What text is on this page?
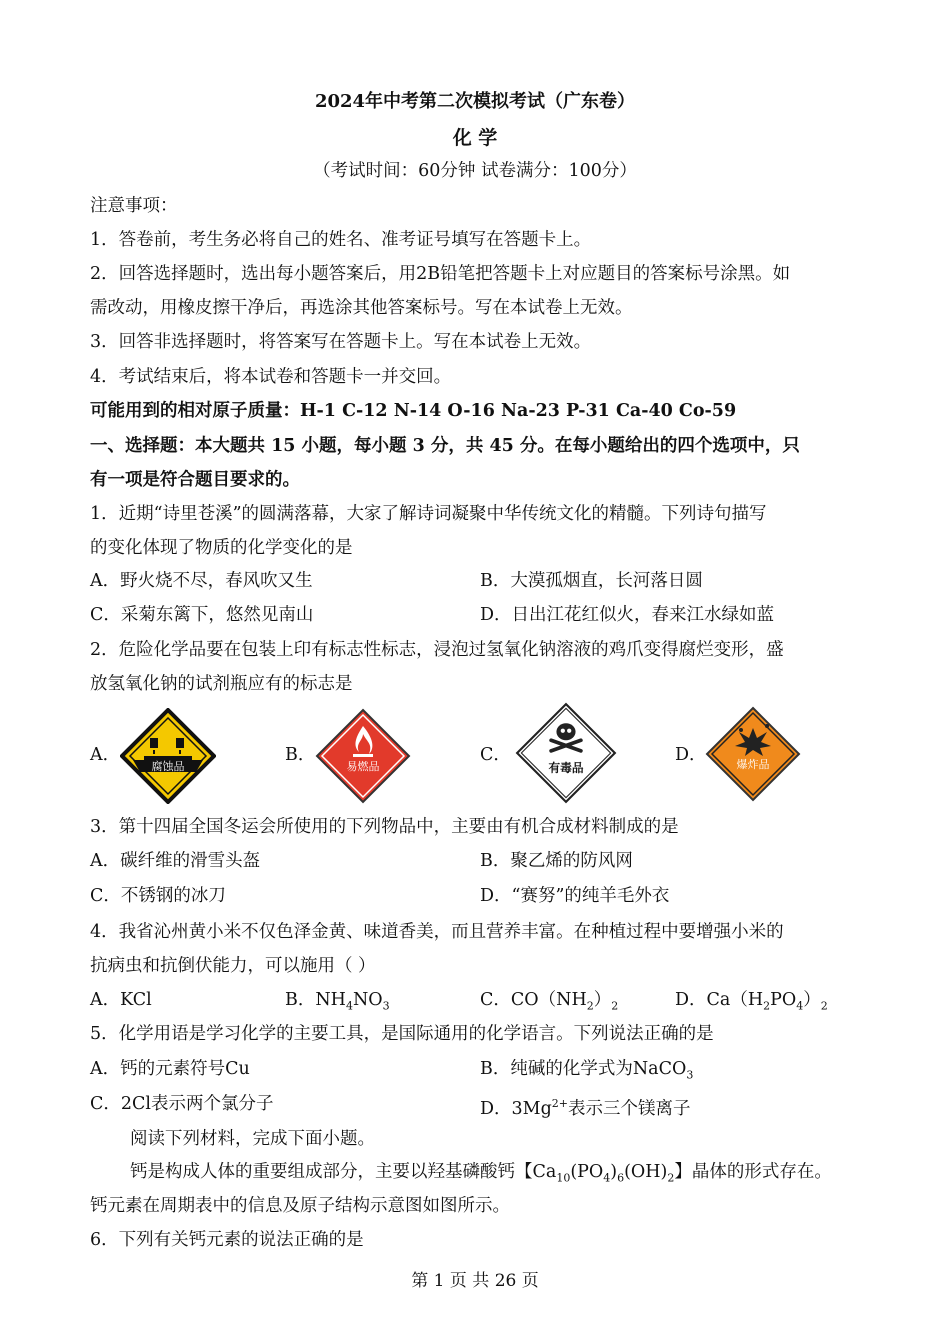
2024年中考第二次模拟考试（广东卷）
化 学
（考试时间：60分钟 试卷满分：100分）
注意事项：
1．答卷前，考生务必将自己的姓名、准考证号填写在答题卡上。
2．回答选择题时，选出每小题答案后，用2B铅笔把答题卡上对应题目的答案标号涂黑。如
需改动，用橡皮擦干净后，再选涂其他答案标号。写在本试卷上无效。
3．回答非选择题时，将答案写在答题卡上。写在本试卷上无效。
4．考试结束后，将本试卷和答题卡一并交回。
可能用到的相对原子质量：H-1 C-12 N-14 O-16 Na-23 P-31 Ca-40 Co-59
一、选择题：本大题共 15 小题，每小题 3 分，共 45 分。在每小题给出的四个选项中，只
有一项是符合题目要求的。
1．近期“诗里苍溪”的圆满落幕，大家了解诗词凝聚中华传统文化的精髓。下列诗句描写
的变化体现了物质的化学变化的是
A．野火烧不尽，春风吹又生	B．大漠孤烟直，长河落日圆
C．采菊东篱下，悠然见南山	D．日出江花红似火，春来江水绿如蓝
2．危险化学品要在包装上印有标志性标志，浸泡过氢氧化钠溶液的鸡爪变得腐烂变形，盛
放氢氧化钠的试剂瓶应有的标志是
A．
腐蚀品
B．
易燃品
C．
有毒品
D．	爆炸品
3．第十四届全国冬运会所使用的下列物品中，主要由有机合成材料制成的是
A．碳纤维的滑雪头盔	B．聚乙烯的防风网
C．不锈钢的冰刀	D．“赛努”的纯羊毛外衣
4．我省沁州黄小米不仅色泽金黄、味道香美，而且营养丰富。在种植过程中要增强小米的
抗病虫和抗倒伏能力，可以施用（ ）
A．KCl	B．$NH_4NO_3$	C．$CO(NH_2)_2$	D．$Ca(H_2PO_4)_2$
5．化学用语是学习化学的主要工具，是国际通用的化学语言。下列说法正确的是
A．钙的元素符号Cu	B．纯碱的化学式为NaCO$_3$
C．2Cl表示两个氯分子	D．$3Mg^{2+}$表示三个镁离子
阅读下列材料，完成下面小题。
钙是构成人体的重要组成部分，主要以羟基磷酸钙【$Ca_{10}(PO_4)_6(OH)_2$】晶体的形式存在。
钙元素在周期表中的信息及原子结构示意图如图所示。
6．下列有关钙元素的说法正确的是
第 1 页 共 26 页
